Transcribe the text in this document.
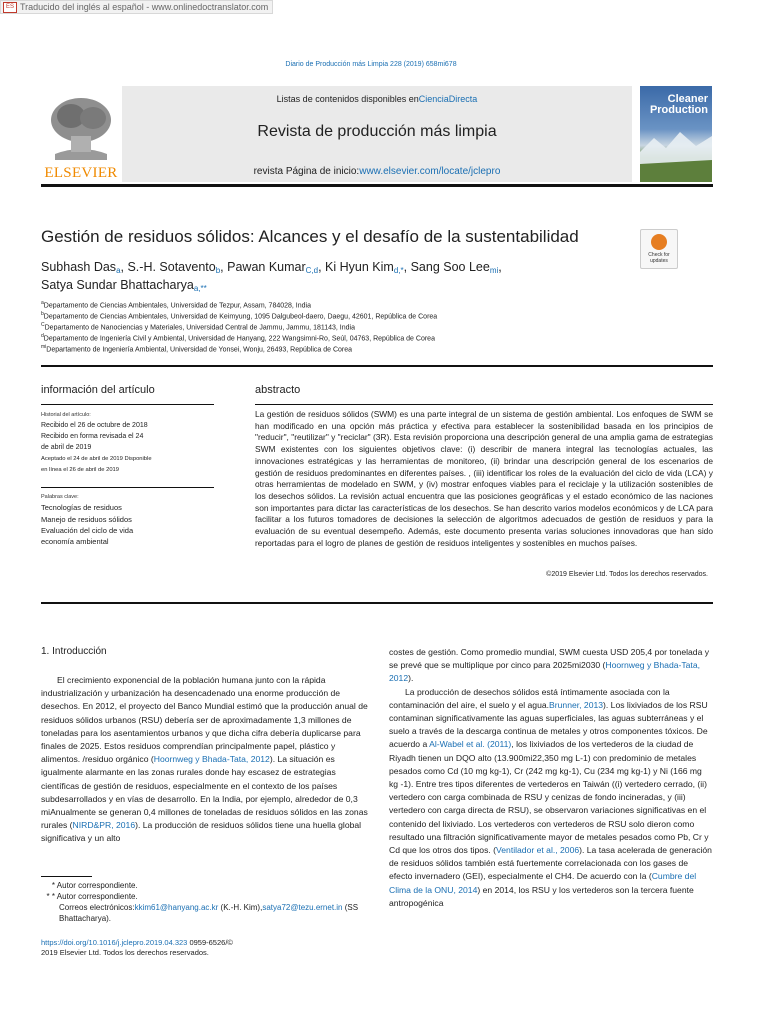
ES Traducido del inglés al español - www.onlinedoctranslator.com
Diario de Producción más Limpia 228 (2019) 658mi678
ELSEVIER
Listas de contenidos disponibles enCienciaDirecta
Revista de producción más limpia
revista Página de inicio:www.elsevier.com/locate/jclepro
Cleaner Production
Gestión de residuos sólidos: Alcances y el desafío de la sustentabilidad
Check for
updates
Subhash Das$_a$, S.-H. Sotavento$_b$, Pawan Kumar$_{C,d}$, Ki Hyun Kim$_{d,*}$, Sang Soo Lee$_{mi}$,
Satya Sundar Bhattacharya$_{a,**}$
$^a$Departamento de Ciencias Ambientales, Universidad de Tezpur, Assam, 784028, India
$^b$Departamento de Ciencias Ambientales, Universidad de Keimyung, 1095 Dalgubeol-daero, Daegu, 42601, República de Corea
$^C$Departamento de Nanociencias y Materiales, Universidad Central de Jammu, Jammu, 181143, India
$^d$Departamento de Ingeniería Civil y Ambiental, Universidad de Hanyang, 222 Wangsimni-Ro, Seúl, 04763, República de Corea
$^{mi}$Departamento de Ingeniería Ambiental, Universidad de Yonsei, Wonju, 26493, República de Corea
información del artículo
Historial del artículo:
Recibido el 26 de octubre de 2018
Recibido en forma revisada el 24
de abril de 2019
Aceptado el 24 de abril de 2019 Disponible
en línea el 26 de abril de 2019
Palabras clave:
Tecnologías de residuos
Manejo de residuos sólidos
Evaluación del ciclo de vida
economía ambiental
abstracto
La gestión de residuos sólidos (SWM) es una parte integral de un sistema de gestión ambiental. Los enfoques de SWM se han modificado en una opción más práctica y efectiva para establecer la sostenibilidad basada en los principios de "reducir", "reutilizar" y "reciclar" (3R). Esta revisión proporciona una descripción general de una amplia gama de estrategias SWM existentes con los siguientes objetivos clave: (i) describir de manera integral las tecnologías actuales, las innovaciones estratégicas y las herramientas de monitoreo, (ii) brindar una descripción general de los escenarios de gestión de residuos predominantes en diferentes países. , (iii) identificar los roles de la evaluación del ciclo de vida (LCA) y otras herramientas de modelado en SWM, y (iv) mostrar enfoques viables para el reciclaje y la utilización sostenibles de los desechos sólidos. La revisión actual encuentra que las posiciones geográficas y el estado económico de las naciones son importantes para dictar las características de los desechos. Se han descrito varios modelos económicos y de LCA para facilitar a los futuros tomadores de decisiones la selección de algoritmos adecuados de gestión de residuos y para la evaluación de su eventual desempeño. Además, este documento presenta varias soluciones innovadoras que han sido reportadas para el logro de planes de gestión de residuos inteligentes y sostenibles en muchos países.
©2019 Elsevier Ltd. Todos los derechos reservados.
1. Introducción

El crecimiento exponencial de la población humana junto con la rápida industrialización y urbanización ha desencadenado una enorme producción de desechos. En 2012, el proyecto del Banco Mundial estimó que la producción anual de residuos sólidos urbanos (RSU) debería ser de aproximadamente 1,3 millones de toneladas para los asentamientos urbanos y que dicha cifra debería duplicarse para finales de 2025. Estos residuos comprendían principalmente papel, plástico y alimentos. /residuo orgánico (Hoornweg y Bhada-Tata, 2012). La situación es igualmente alarmante en las zonas rurales donde hay escasez de estrategias científicas de gestión de residuos, especialmente en el contexto de los países subdesarrollados y en vías de desarrollo. En la India, por ejemplo, alrededor de 0,3 miAnualmente se generan 0,4 millones de toneladas de residuos sólidos en las zonas rurales (NIRD&PR, 2016). La producción de residuos sólidos tiene una huella global significativa y un alto

costes de gestión. Como promedio mundial, SWM cuesta USD 205,4 por tonelada y se prevé que se multiplique por cinco para 2025mi2030 (Hoornweg y Bhada-Tata, 2012).

La producción de desechos sólidos está íntimamente asociada con la contaminación del aire, el suelo y el agua.Brunner, 2013). Los lixiviados de los RSU contaminan significativamente las aguas superficiales, las aguas subterráneas y el suelo a través de la descarga continua de metales y otros componentes tóxicos. De acuerdo a Al-Wabel et al. (2011), los lixiviados de los vertederos de la ciudad de Riyadh tienen un DQO alto (13.900mi22,350 mg L-1) con predominio de metales pesados como Cd (10 mg kg-1), Cr (242 mg kg-1), Cu (234 mg kg-1) y Ni (166 mg kg -1). Entre tres tipos diferentes de vertederos en Taiwán ((i) vertedero cerrado, (ii) vertedero con carga combinada de RSU y cenizas de fondo incineradas, y (iii) vertedero con carga directa de RSU), se observaron variaciones significativas en el contenido del lixiviado. Los vertederos con vertederos de RSU solo dieron como resultado una filtración significativamente mayor de metales pesados como Pb, Cr y Cd que los otros dos tipos. (Ventilador et al., 2006). La tasa acelerada de generación de residuos sólidos también está fuertemente correlacionada con los gases de efecto invernadero (GEI), especialmente el CH4. De acuerdo con la (Cumbre del Clima de la ONU, 2014) en 2014, los RSU y los vertederos son la tercera fuente antropogénica

* Autor correspondiente.
* * Autor correspondiente.
Correos electrónicos:kkim61@hanyang.ac.kr (K.-H. Kim),satya72@tezu.ernet.in (SS Bhattacharya).
https://doi.org/10.1016/j.jclepro.2019.04.323 0959-6526/©
2019 Elsevier Ltd. Todos los derechos reservados.
